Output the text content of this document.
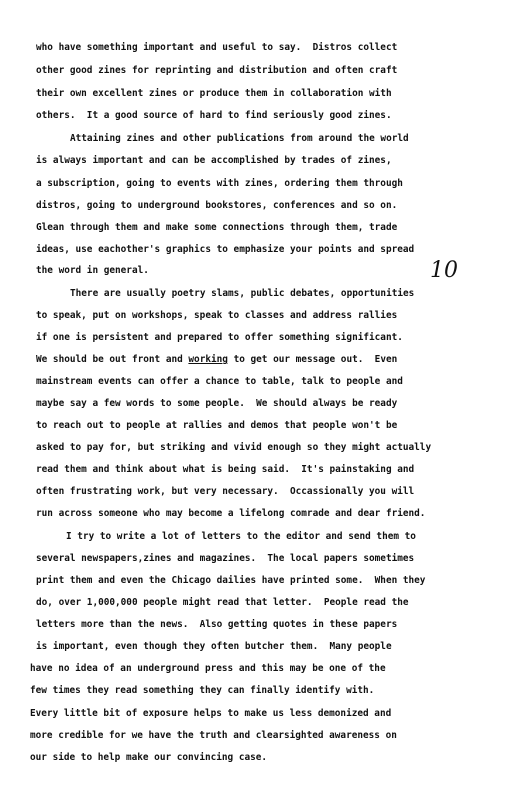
who have something important and useful to say.  Distros collect
other good zines for reprinting and distribution and often craft
their own excellent zines or produce them in collaboration with
others.  It a good source of hard to find seriously good zines.
Attaining zines and other publications from around the world
is always important and can be accomplished by trades of zines,
a subscription, going to events with zines, ordering them through
distros, going to underground bookstores, conferences and so on.
Glean through them and make some connections through them, trade
ideas, use eachother's graphics to emphasize your points and spread
the word in general.	10
There are usually poetry slams, public debates, opportunities
to speak, put on workshops, speak to classes and address rallies
if one is persistent and prepared to offer something significant.
We should be out front and working to get our message out.  Even
mainstream events can offer a chance to table, talk to people and
maybe say a few words to some people.  We should always be ready
to reach out to people at rallies and demos that people won't be
asked to pay for, but striking and vivid enough so they might actually
read them and think about what is being said.  It's painstaking and
often frustrating work, but very necessary.  Occassionally you will
run across someone who may become a lifelong comrade and dear friend.
I try to write a lot of letters to the editor and send them to
several newspapers,zines and magazines.  The local papers sometimes
print them and even the Chicago dailies have printed some.  When they
do, over 1,000,000 people might read that letter.  People read the
letters more than the news.  Also getting quotes in these papers
is important, even though they often butcher them.  Many people
have no idea of an underground press and this may be one of the
few times they read something they can finally identify with.
Every little bit of exposure helps to make us less demonized and
more credible for we have the truth and clearsighted awareness on
our side to help make our convincing case.
